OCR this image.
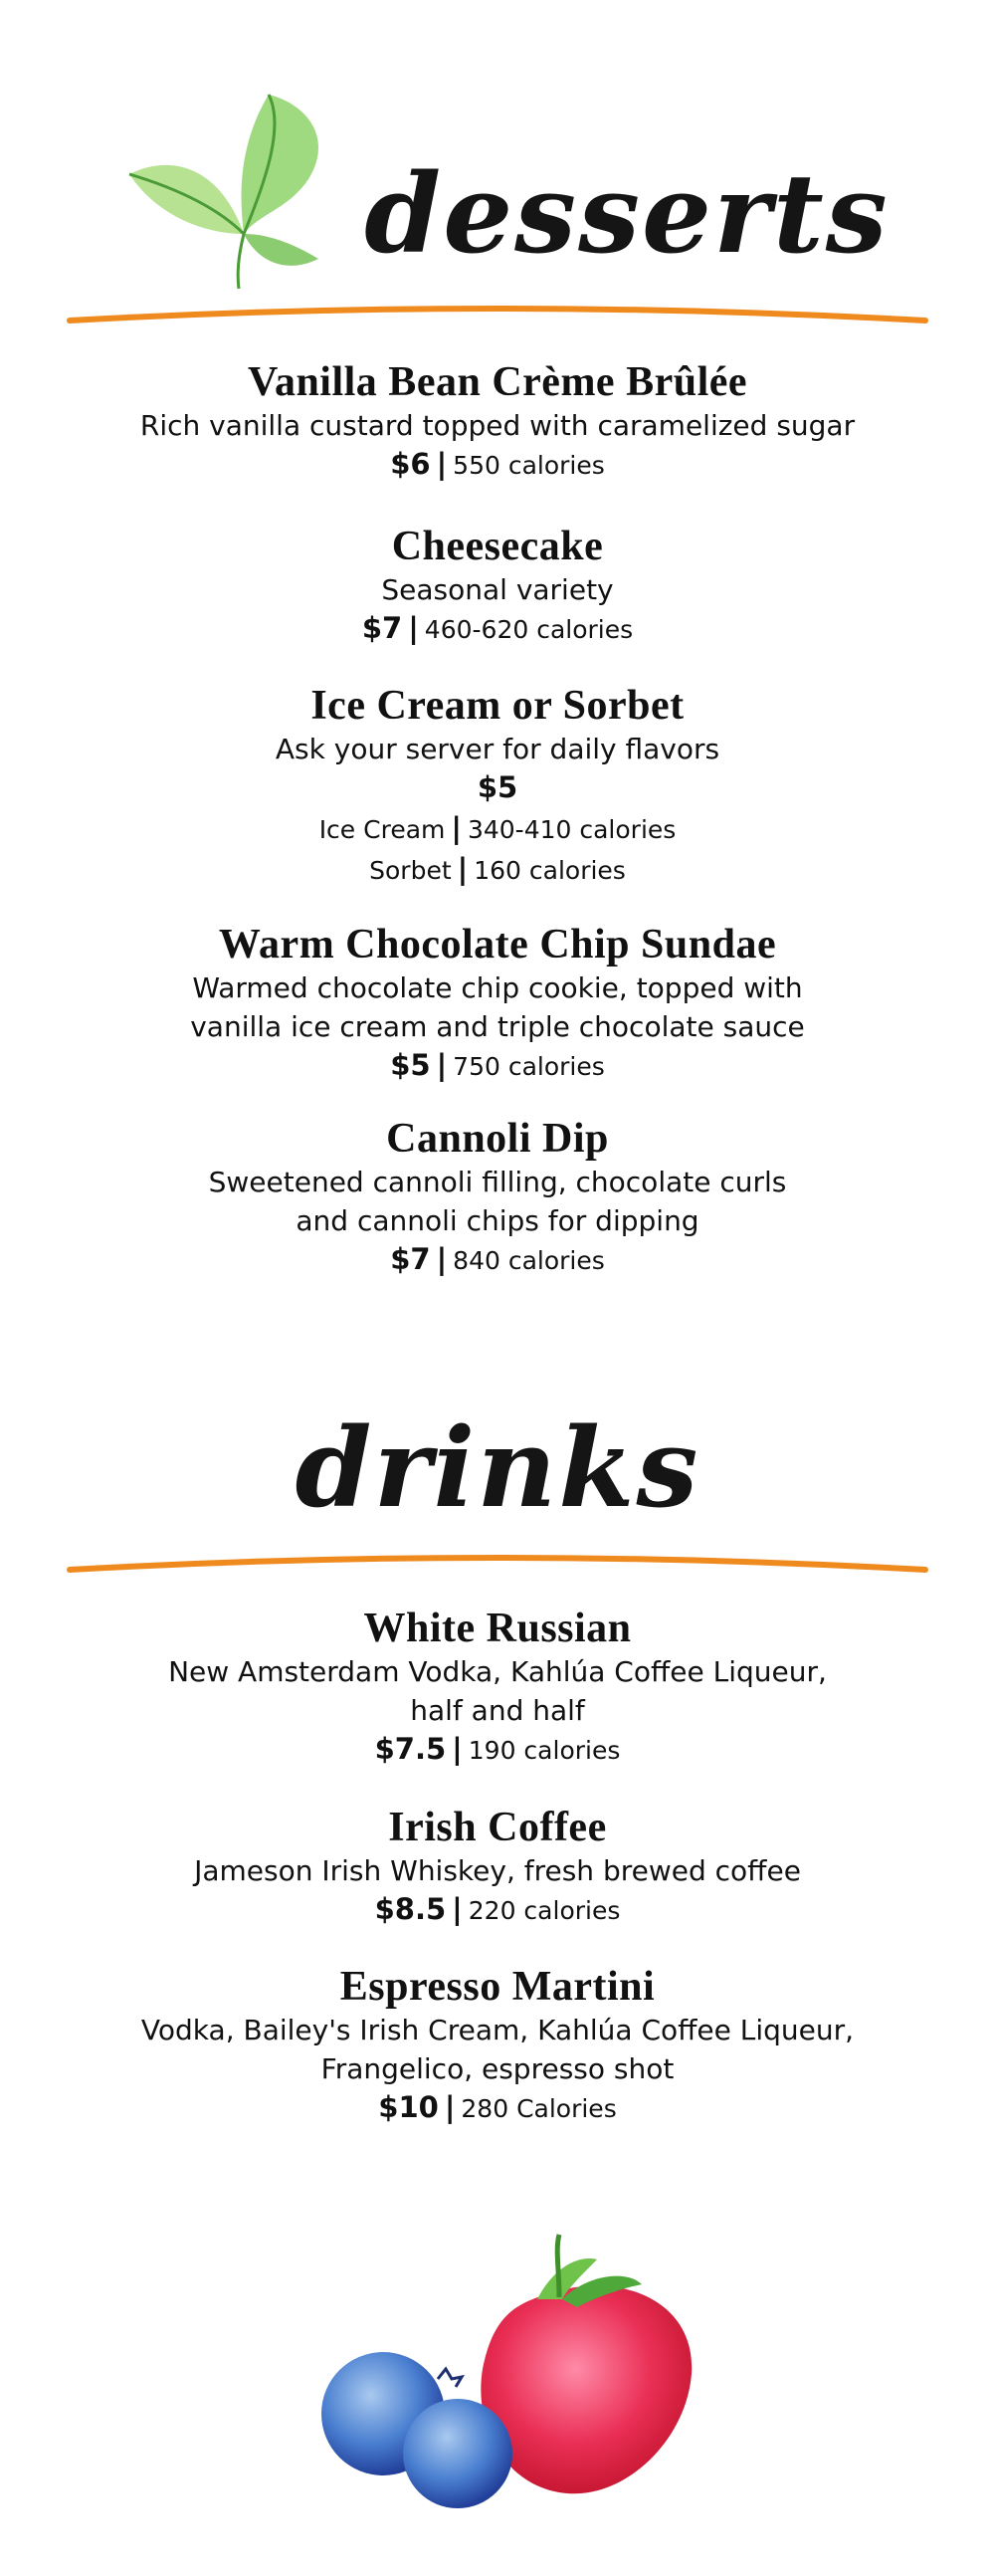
desserts
Vanilla Bean Crème Brûlée
Rich vanilla custard topped with caramelized sugar
$6 | 550 calories
Cheesecake
Seasonal variety
$7 | 460-620 calories
Ice Cream or Sorbet
Ask your server for daily flavors
$5
Ice Cream | 340-410 calories
Sorbet | 160 calories
Warm Chocolate Chip Sundae
Warmed chocolate chip cookie, topped with
vanilla ice cream and triple chocolate sauce
$5 | 750 calories
Cannoli Dip
Sweetened cannoli filling, chocolate curls
and cannoli chips for dipping
$7 | 840 calories
drinks
White Russian
New Amsterdam Vodka, Kahlúa Coffee Liqueur,
half and half
$7.5 | 190 calories
Irish Coffee
Jameson Irish Whiskey, fresh brewed coffee
$8.5 | 220 calories
Espresso Martini
Vodka, Bailey's Irish Cream, Kahlúa Coffee Liqueur,
Frangelico, espresso shot
$10 | 280 Calories
